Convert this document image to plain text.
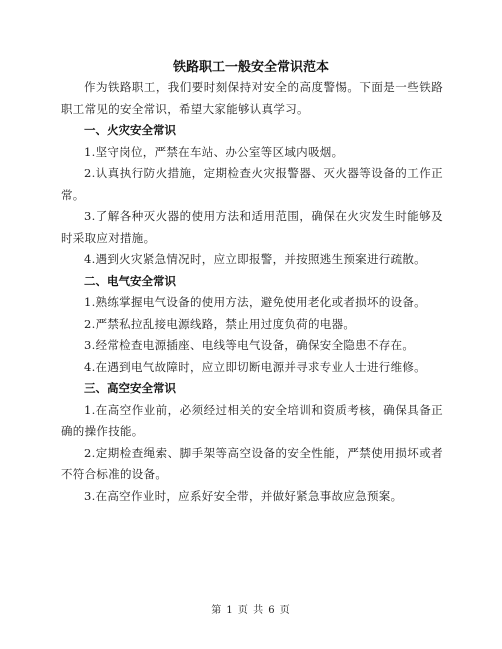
铁路职工一般安全常识范本

作为铁路职工，我们要时刻保持对安全的高度警惕。下面是一些铁路职工常见的安全常识，希望大家能够认真学习。

一、火灾安全常识

1.坚守岗位，严禁在车站、办公室等区域内吸烟。

2.认真执行防火措施，定期检查火灾报警器、灭火器等设备的工作正常。

3.了解各种灭火器的使用方法和适用范围，确保在火灾发生时能够及时采取应对措施。

4.遇到火灾紧急情况时，应立即报警，并按照逃生预案进行疏散。

二、电气安全常识

1.熟练掌握电气设备的使用方法，避免使用老化或者损坏的设备。

2.严禁私拉乱接电源线路，禁止用过度负荷的电器。

3.经常检查电源插座、电线等电气设备，确保安全隐患不存在。

4.在遇到电气故障时，应立即切断电源并寻求专业人士进行维修。

三、高空安全常识

1.在高空作业前，必须经过相关的安全培训和资质考核，确保具备正确的操作技能。

2.定期检查绳索、脚手架等高空设备的安全性能，严禁使用损坏或者不符合标准的设备。

3.在高空作业时，应系好安全带，并做好紧急事故应急预案。

第 1 页 共 6 页
